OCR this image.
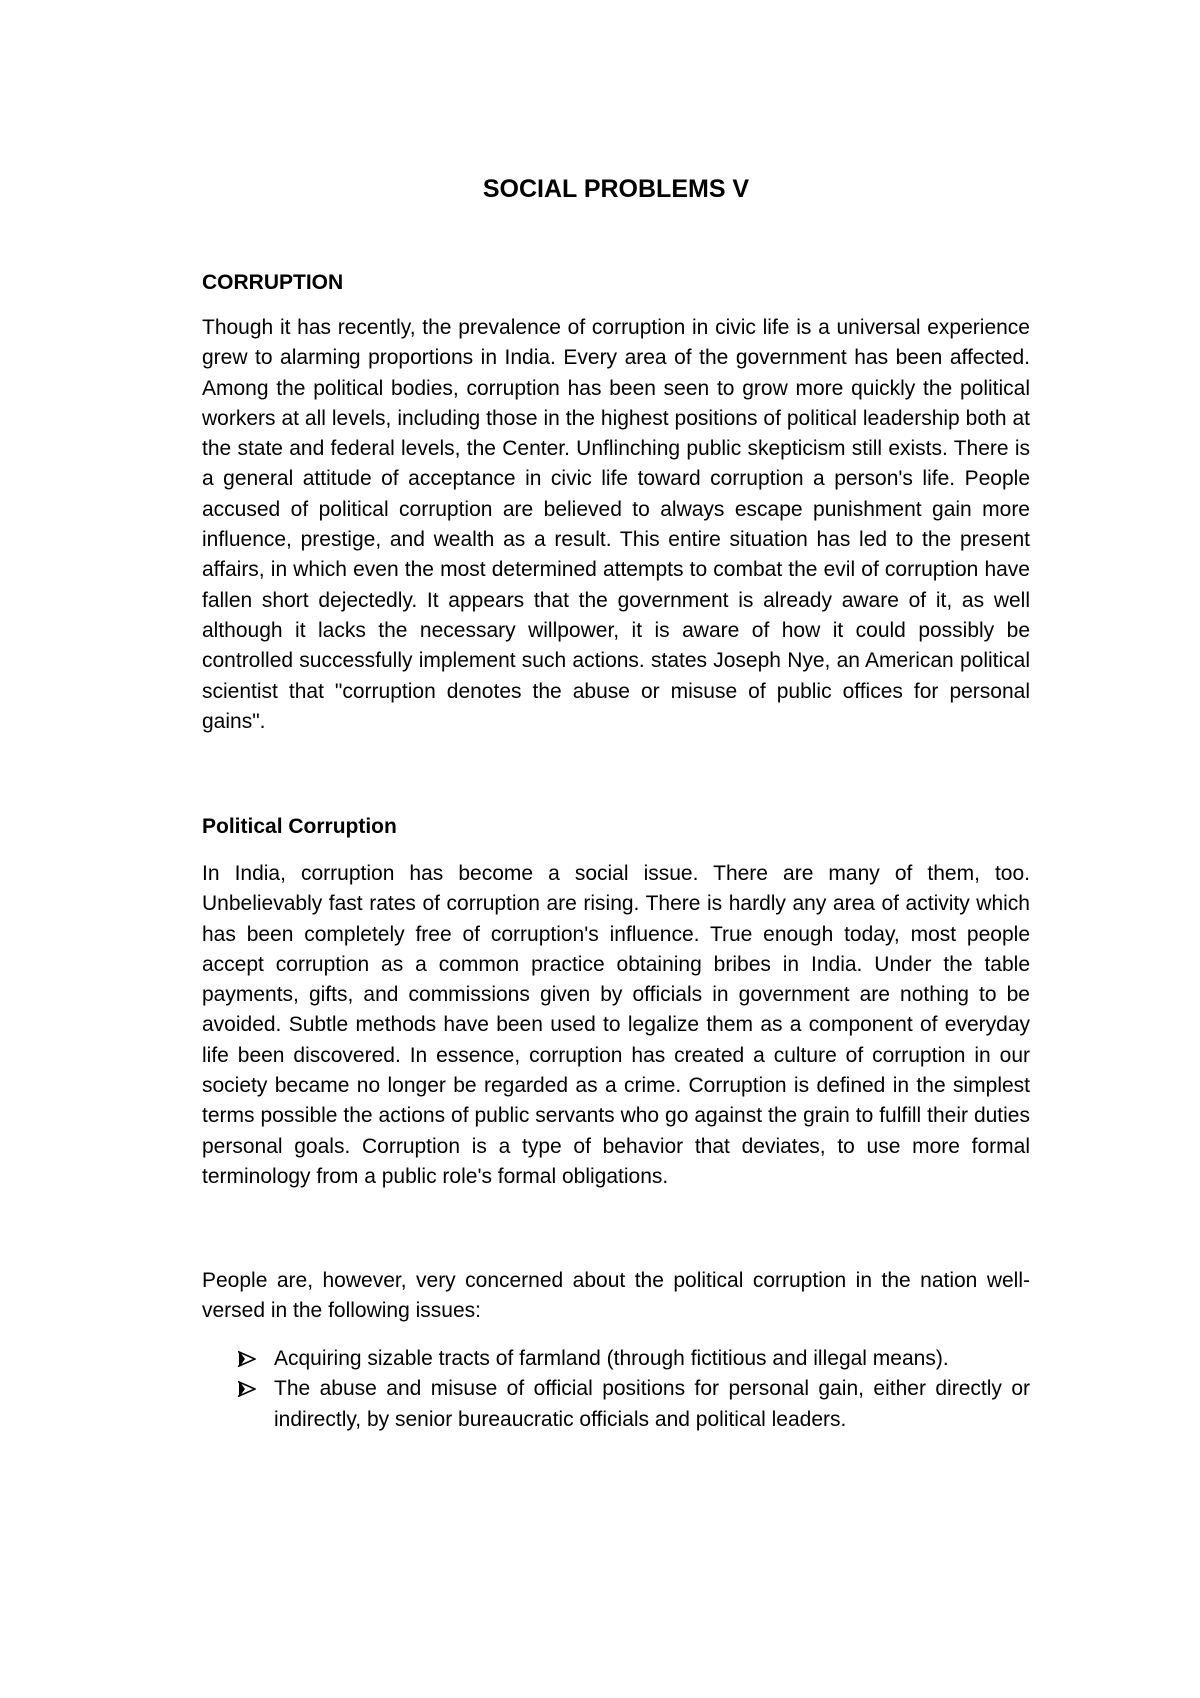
SOCIAL PROBLEMS V
CORRUPTION

Though it has recently, the prevalence of corruption in civic life is a universal experience grew to alarming proportions in India. Every area of the government has been affected. Among the political bodies, corruption has been seen to grow more quickly the political workers at all levels, including those in the highest positions of political leadership both at the state and federal levels, the Center. Unflinching public skepticism still exists. There is a general attitude of acceptance in civic life toward corruption a person's life. People accused of political corruption are believed to always escape punishment gain more influence, prestige, and wealth as a result. This entire situation has led to the present affairs, in which even the most determined attempts to combat the evil of corruption have fallen short dejectedly. It appears that the government is already aware of it, as well although it lacks the necessary willpower, it is aware of how it could possibly be controlled successfully implement such actions. states Joseph Nye, an American political scientist that "corruption denotes the abuse or misuse of public offices for personal gains".

Political Corruption

In India, corruption has become a social issue. There are many of them, too. Unbelievably fast rates of corruption are rising. There is hardly any area of activity which has been completely free of corruption's influence. True enough today, most people accept corruption as a common practice obtaining bribes in India. Under the table payments, gifts, and commissions given by officials in government are nothing to be avoided. Subtle methods have been used to legalize them as a component of everyday life been discovered. In essence, corruption has created a culture of corruption in our society became no longer be regarded as a crime. Corruption is defined in the simplest terms possible the actions of public servants who go against the grain to fulfill their duties personal goals. Corruption is a type of behavior that deviates, to use more formal terminology from a public role's formal obligations.

People are, however, very concerned about the political corruption in the nation well-versed in the following issues:

Acquiring sizable tracts of farmland (through fictitious and illegal means).
The abuse and misuse of official positions for personal gain, either directly or indirectly, by senior bureaucratic officials and political leaders.
